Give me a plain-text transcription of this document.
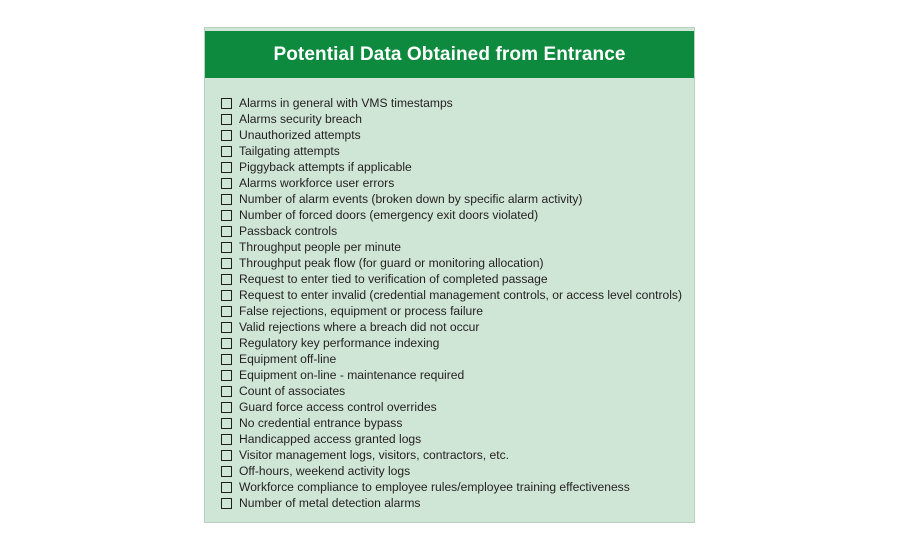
Potential Data Obtained from Entrance
Alarms in general with VMS timestamps
Alarms security breach
Unauthorized attempts
Tailgating attempts
Piggyback attempts if applicable
Alarms workforce user errors
Number of alarm events (broken down by specific alarm activity)
Number of forced doors (emergency exit doors violated)
Passback controls
Throughput people per minute
Throughput peak flow (for guard or monitoring allocation)
Request to enter tied to verification of completed passage
Request to enter invalid (credential management controls, or access level controls)
False rejections, equipment or process failure
Valid rejections where a breach did not occur
Regulatory key performance indexing
Equipment off-line
Equipment on-line - maintenance required
Count of associates
Guard force access control overrides
No credential entrance bypass
Handicapped access granted logs
Visitor management logs, visitors, contractors, etc.
Off-hours, weekend activity logs
Workforce compliance to employee rules/employee training effectiveness
Number of metal detection alarms
